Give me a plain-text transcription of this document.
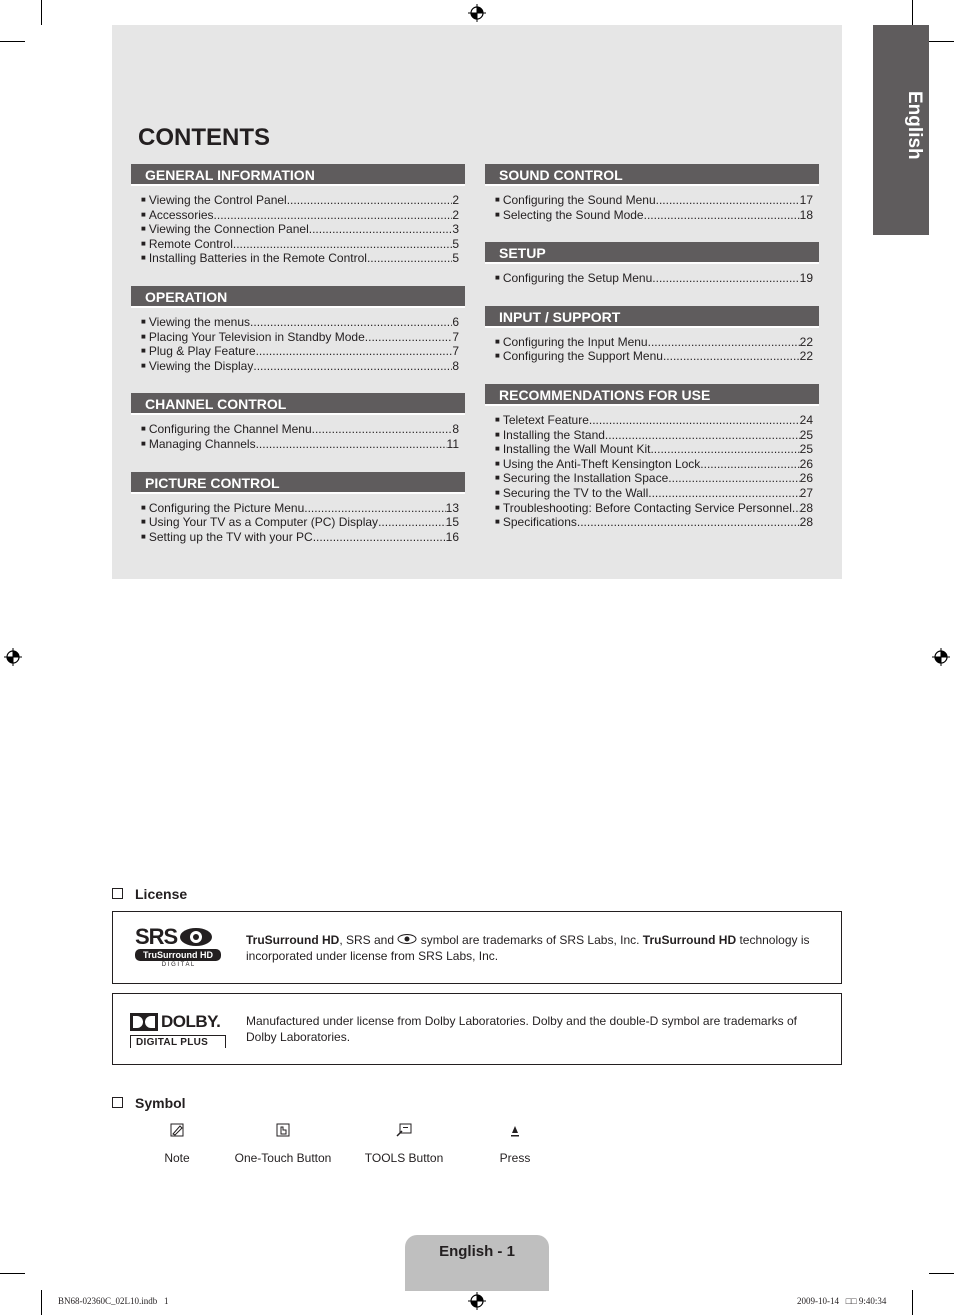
CONTENTS	English
GENERAL INFORMATION
■ Viewing the Control Panel .....	2
■ Accessories .....	2
■ Viewing the Connection Panel .....	3
■ Remote Control .....	5
■ Installing Batteries in the Remote Control .....	5
OPERATION
■ Viewing the menus .....	6
■ Placing Your Television in Standby Mode .....	7
■ Plug & Play Feature .....	7
■ Viewing the Display .....	8
CHANNEL CONTROL
■ Configuring the Channel Menu .....	8
■ Managing Channels .....	11
PICTURE CONTROL
■ Configuring the Picture Menu .....	13
■ Using Your TV as a Computer (PC) Display .....	15
■ Setting up the TV with your PC .....	16
SOUND CONTROL
■ Configuring the Sound Menu .....	17
■ Selecting the Sound Mode .....	18
SETUP
■ Configuring the Setup Menu .....	19
INPUT / SUPPORT
■ Configuring the Input Menu .....	22
■ Configuring the Support Menu .....	22
RECOMMENDATIONS FOR USE
■ Teletext Feature .....	24
■ Installing the Stand .....	25
■ Installing the Wall Mount Kit .....	25
■ Using the Anti-Theft Kensington Lock .....	26
■ Securing the Installation Space .....	26
■ Securing the TV to the Wall .....	27
■ Troubleshooting: Before Contacting Service Personnel ..... 28
■ Specifications .....	28
License
SRS
TruSurround HD
D I G I T A L
TruSurround HD, SRS and  symbol are trademarks of SRS Labs, Inc. TruSurround HD technology is incorporated under license from SRS Labs, Inc.
DOLBY.
DIGITAL PLUS
Manufactured under license from Dolby Laboratories. Dolby and the double-D symbol are trademarks of Dolby Laboratories.
Symbol
Note	One-Touch Button	TOOLS Button	Press
English - 1
BN68-02360C_02L10.indb   1	2009-10-14   □□ 9:40:34
